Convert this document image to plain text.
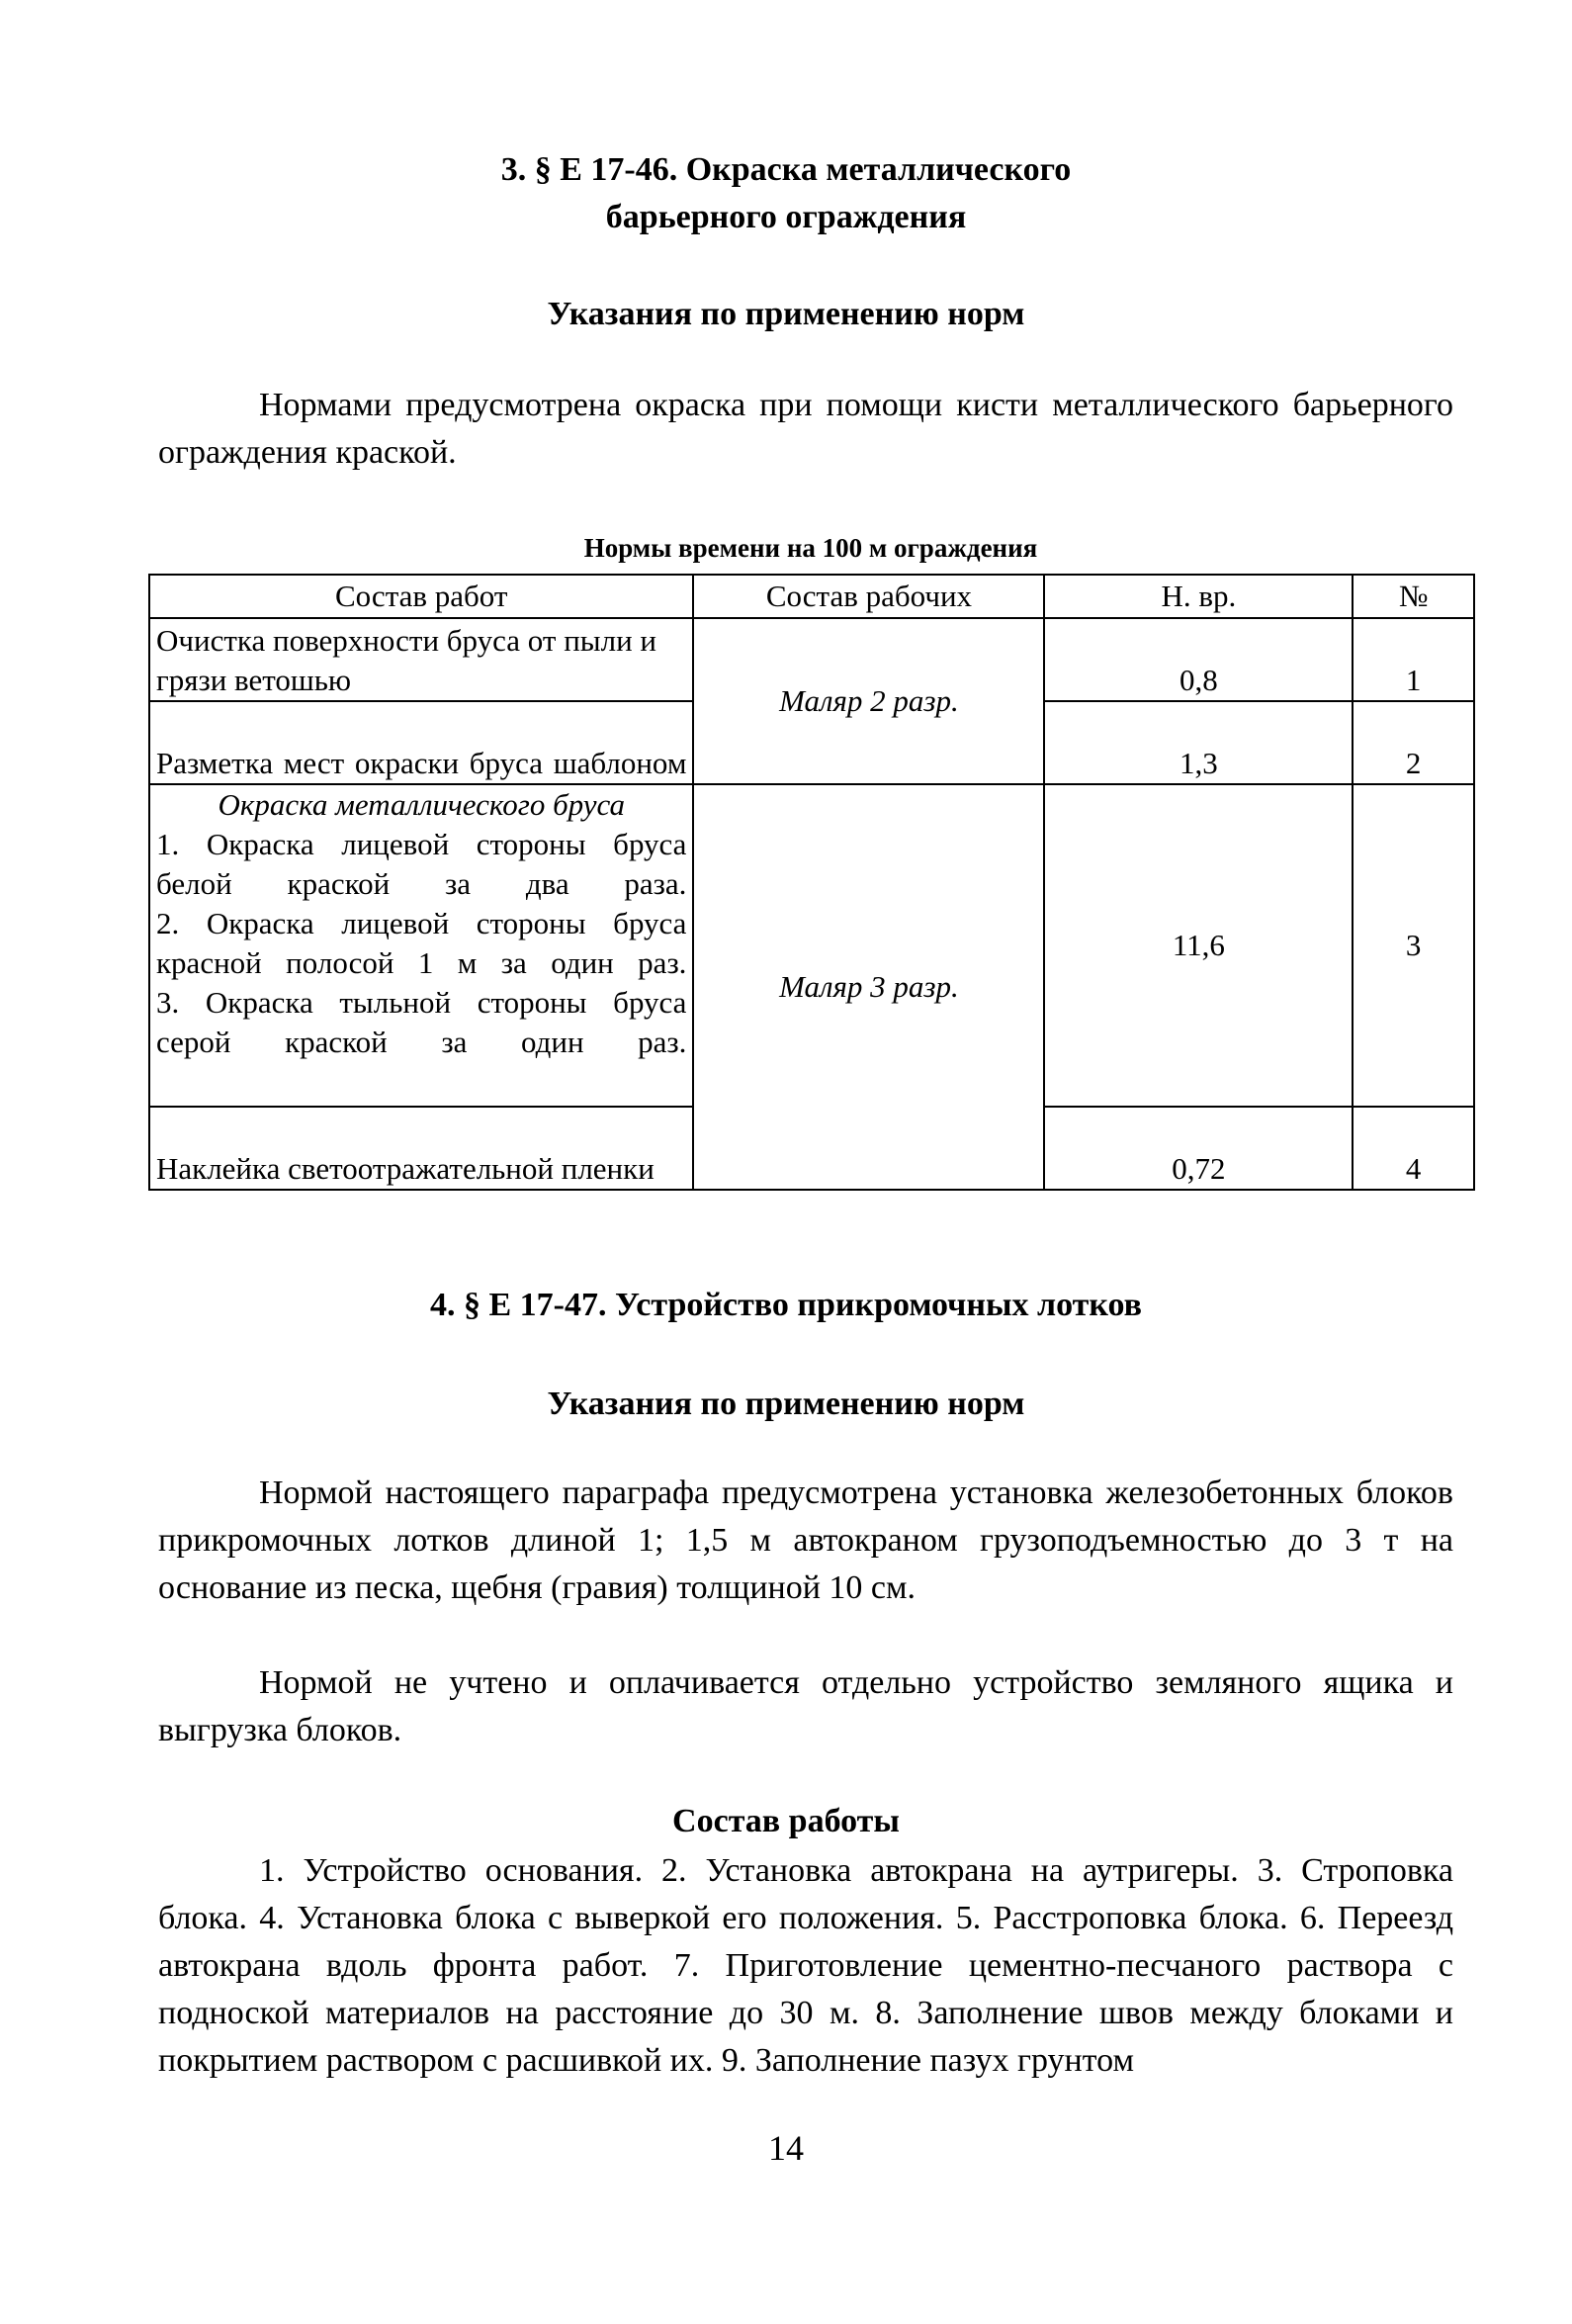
3. § Е 17-46. Окраска металлического
барьерного ограждения
Указания по применению норм

Нормами предусмотрена окраска при помощи кисти металлического барьерного ограждения краской.

Нормы времени на 100 м ограждения
Состав работ	Состав рабочих	Н. вр.	№
Очистка поверхности бруса от пыли и грязи ветошью	Маляр 2 разр.	0,8	1
Разметка мест окраски бруса шаблоном		1,3	2

Окраска металлического бруса
1. Окраска лицевой стороны бруса белой краской за два раза.
2. Окраска лицевой стороны бруса красной полосой 1 м за один раз.
3. Окраска тыльной стороны бруса серой краской за один раз.	Маляр 3 разр.	11,6	3
Наклейка светоотражательной пленки		0,72	4
4. § Е 17-47. Устройство прикромочных лотков
Указания по применению норм

Нормой настоящего параграфа предусмотрена установка железобетонных блоков прикромочных лотков длиной 1; 1,5 м автокраном грузоподъемностью до 3 т на основание из песка, щебня (гравия) толщиной 10 см.

Нормой не учтено и оплачивается отдельно устройство земляного ящика и выгрузка блоков.

Состав работы

1. Устройство основания. 2. Установка автокрана на аутригеры. 3. Строповка блока. 4. Установка блока с выверкой его положения. 5. Расстроповка блока. 6. Переезд автокрана вдоль фронта работ. 7. Приготовление цементно-песчаного раствора с подноской материалов на расстояние до 30 м. 8. Заполнение швов между блоками и покрытием раствором с расшивкой их. 9. Заполнение пазух грунтом

14
